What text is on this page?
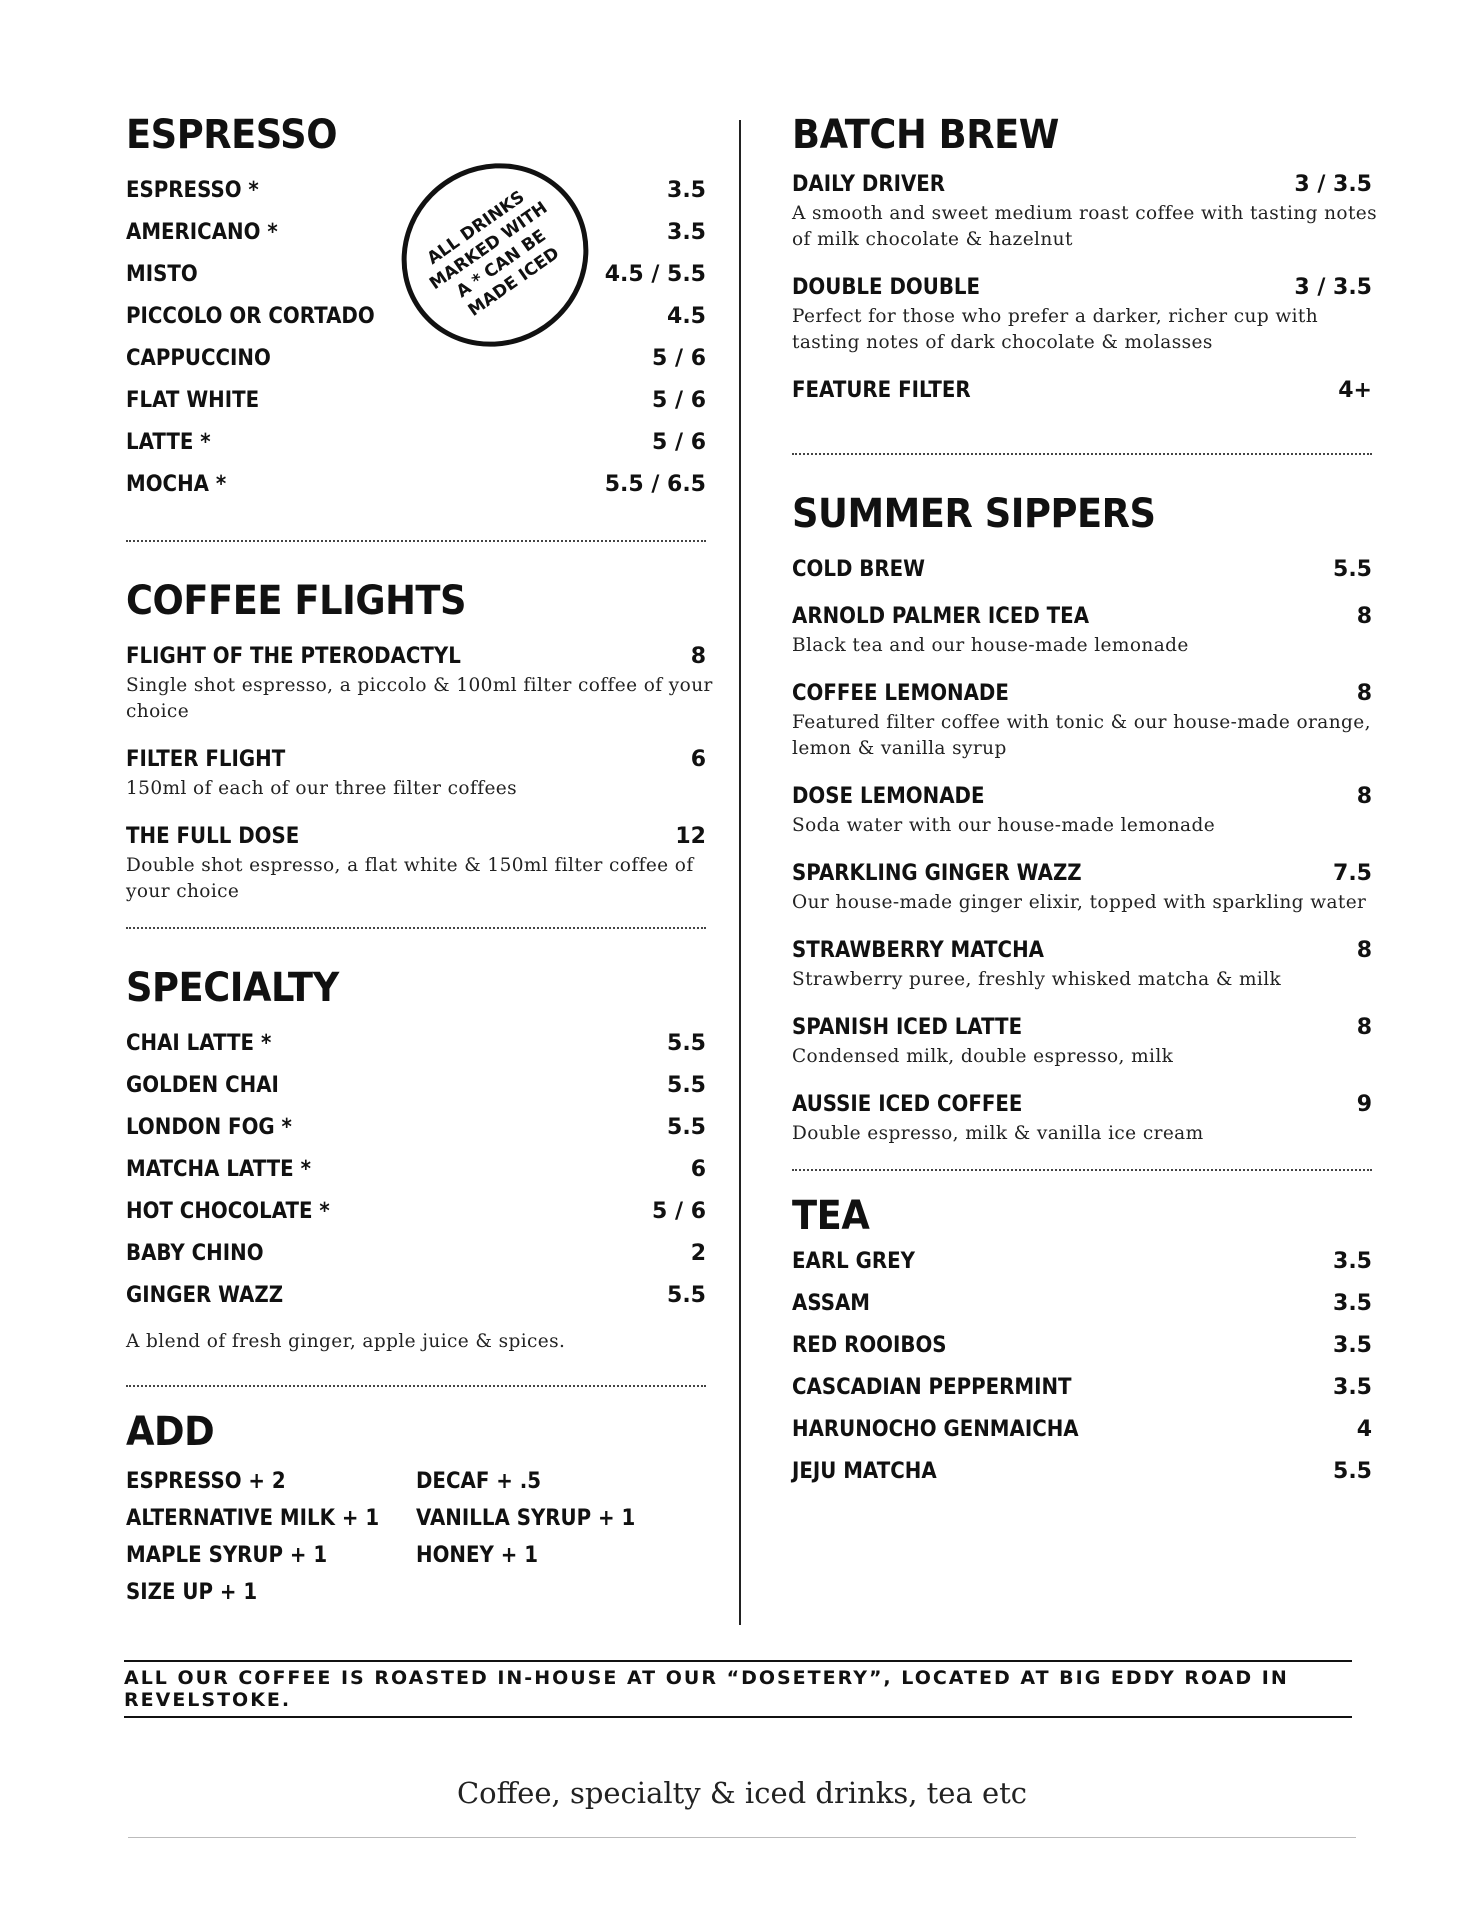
ESPRESSO
ESPRESSO *	3.5
AMERICANO *	3.5
MISTO	4.5 / 5.5
PICCOLO OR CORTADO	4.5
CAPPUCCINO	5 / 6
FLAT WHITE	5 / 6
LATTE *	5 / 6
MOCHA *	5.5 / 6.5
COFFEE FLIGHTS
FLIGHT OF THE PTERODACTYL	8
Single shot espresso, a piccolo & 100ml filter coffee of your choice
FILTER FLIGHT	6
150ml of each of our three filter coffees
THE FULL DOSE	12
Double shot espresso, a flat white & 150ml filter coffee of your choice
SPECIALTY
CHAI LATTE *	5.5
GOLDEN CHAI	5.5
LONDON FOG *	5.5
MATCHA LATTE *	6
HOT CHOCOLATE *	5 / 6
BABY CHINO	2
GINGER WAZZ	5.5
A blend of fresh ginger, apple juice & spices.
ADD
ESPRESSO + 2	DECAF + .5
ALTERNATIVE MILK + 1	VANILLA SYRUP + 1
MAPLE SYRUP + 1	HONEY + 1
SIZE UP + 1
ALL DRINKS MARKED WITH A * CAN BE MADE ICED
BATCH BREW
DAILY DRIVER	3 / 3.5
A smooth and sweet medium roast coffee with tasting notes of milk chocolate & hazelnut
DOUBLE DOUBLE	3 / 3.5
Perfect for those who prefer a darker, richer cup with tasting notes of dark chocolate & molasses
FEATURE FILTER	4+
SUMMER SIPPERS
COLD BREW	5.5
ARNOLD PALMER ICED TEA	8
Black tea and our house-made lemonade
COFFEE LEMONADE	8
Featured filter coffee with tonic & our house-made orange, lemon & vanilla syrup
DOSE LEMONADE	8
Soda water with our house-made lemonade
SPARKLING GINGER WAZZ	7.5
Our house-made ginger elixir, topped with sparkling water
STRAWBERRY MATCHA	8
Strawberry puree, freshly whisked matcha & milk
SPANISH ICED LATTE	8
Condensed milk, double espresso, milk
AUSSIE ICED COFFEE	9
Double espresso, milk & vanilla ice cream
TEA
EARL GREY	3.5
ASSAM	3.5
RED ROOIBOS	3.5
CASCADIAN PEPPERMINT	3.5
HARUNOCHO GENMAICHA	4
JEJU MATCHA	5.5
ALL OUR COFFEE IS ROASTED IN-HOUSE AT OUR “DOSETERY”, LOCATED AT BIG EDDY ROAD IN REVELSTOKE.
Coffee, specialty & iced drinks, tea etc
